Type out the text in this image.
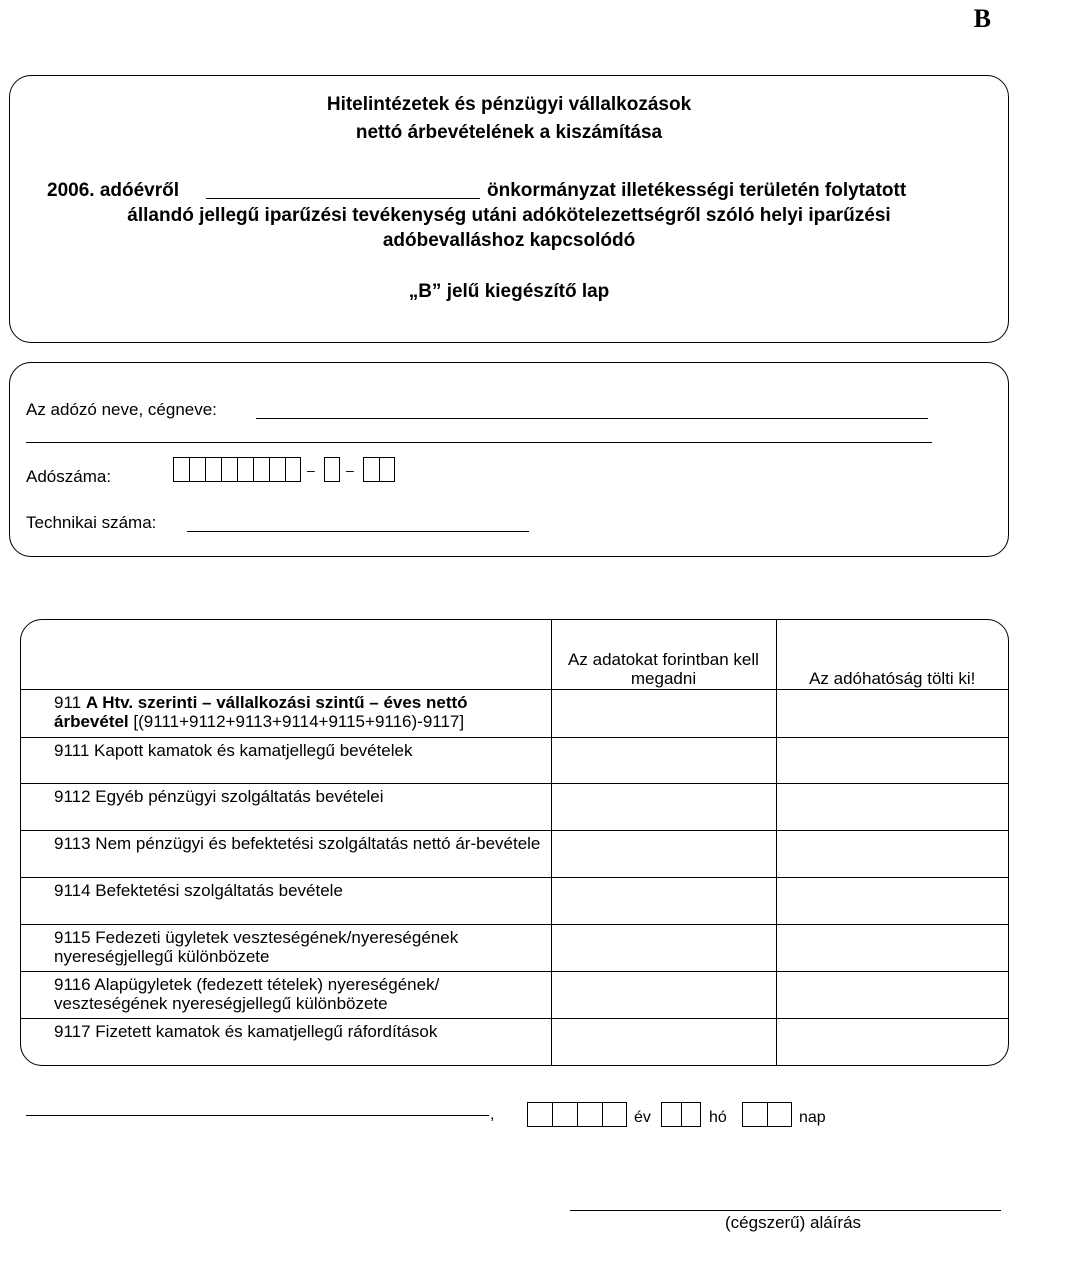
B
Hitelintézetek és pénzügyi vállalkozások
nettó árbevételének a kiszámítása
2006. adóévről	önkormányzat illetékességi területén folytatott
állandó jellegű iparűzési tevékenység utáni adókötelezettségről szóló helyi iparűzési
adóbevalláshoz kapcsolódó
„B” jelű kiegészítő lap
Az adózó neve, cégneve:
Adószáma:	– –
Technikai száma:
	Az adatokat forintban kell megadni	Az adóhatóság tölti ki!
911 A Htv. szerinti – vállalkozási szintű – éves nettó árbevétel [(9111+9112+9113+9114+9115+9116)-9117]		
9111 Kapott kamatok és kamatjellegű bevételek		
9112 Egyéb pénzügyi szolgáltatás bevételei		
9113 Nem pénzügyi és befektetési szolgáltatás nettó ár-bevétele		
9114 Befektetési szolgáltatás bevétele		
9115 Fedezeti ügyletek veszteségének/nyereségének nyereségjellegű különbözete		
9116 Alapügyletek (fedezett tételek) nyereségének/ veszteségének nyereségjellegű különbözete		
9117 Fizetett kamatok és kamatjellegű ráfordítások		
,	év	hó	nap
(cégszerű) aláírás
